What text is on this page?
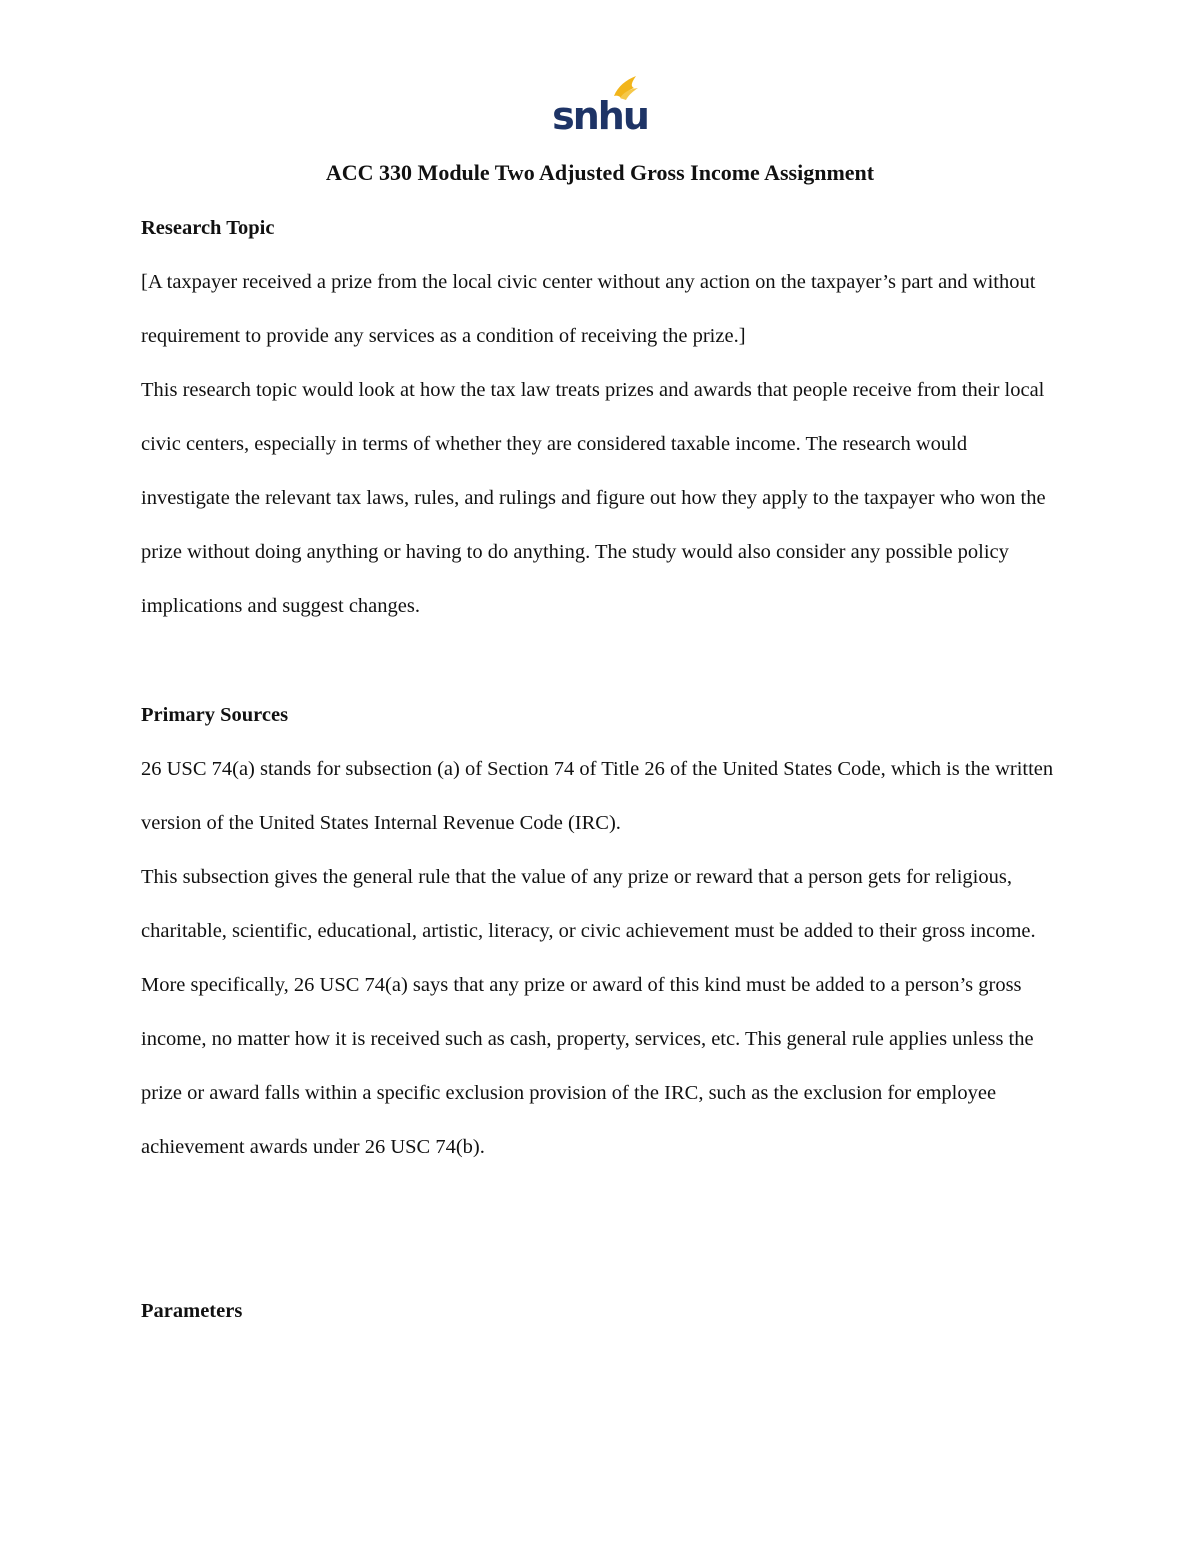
snhu
ACC 330 Module Two Adjusted Gross Income Assignment
Research Topic

[A taxpayer received a prize from the local civic center without any action on the taxpayer’s part and without requirement to provide any services as a condition of receiving the prize.]

This research topic would look at how the tax law treats prizes and awards that people receive from their local civic centers, especially in terms of whether they are considered taxable income. The research would investigate the relevant tax laws, rules, and rulings and figure out how they apply to the taxpayer who won the prize without doing anything or having to do anything. The study would also consider any possible policy implications and suggest changes.

Primary Sources

26 USC 74(a) stands for subsection (a) of Section 74 of Title 26 of the United States Code, which is the written version of the United States Internal Revenue Code (IRC).

This subsection gives the general rule that the value of any prize or reward that a person gets for religious, charitable, scientific, educational, artistic, literacy, or civic achievement must be added to their gross income.

More specifically, 26 USC 74(a) says that any prize or award of this kind must be added to a person’s gross income, no matter how it is received such as cash, property, services, etc. This general rule applies unless the prize or award falls within a specific exclusion provision of the IRC, such as the exclusion for employee achievement awards under 26 USC 74(b).

Parameters
